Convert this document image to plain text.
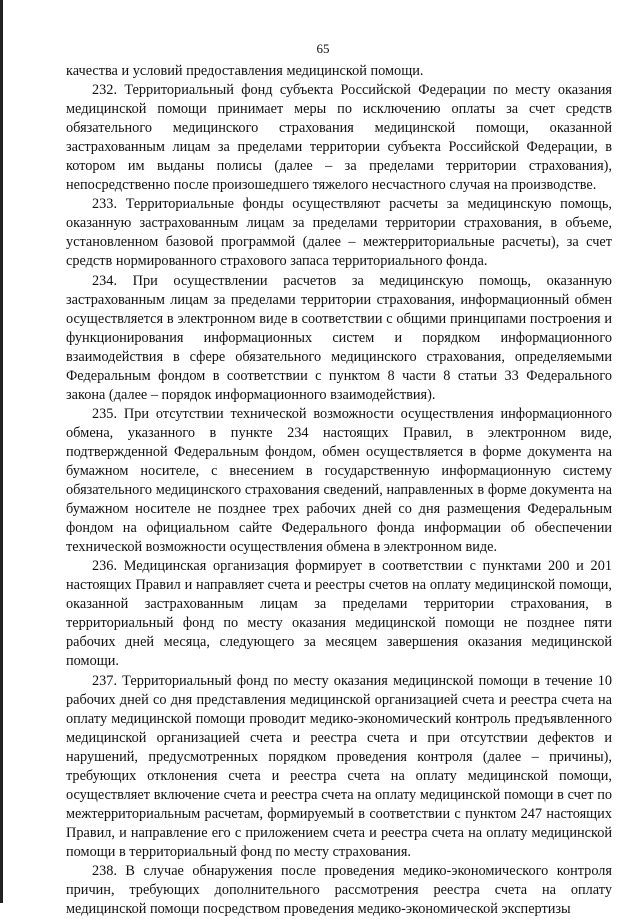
65

качества и условий предоставления медицинской помощи.

232. Территориальный фонд субъекта Российской Федерации по месту оказания медицинской помощи принимает меры по исключению оплаты за счет средств обязательного медицинского страхования медицинской помощи, оказанной застрахованным лицам за пределами территории субъекта Российской Федерации, в котором им выданы полисы (далее – за пределами территории страхования), непосредственно после произошедшего тяжелого несчастного случая на производстве.

233. Территориальные фонды осуществляют расчеты за медицинскую помощь, оказанную застрахованным лицам за пределами территории страхования, в объеме, установленном базовой программой (далее – межтерриториальные расчеты), за счет средств нормированного страхового запаса территориального фонда.

234. При осуществлении расчетов за медицинскую помощь, оказанную застрахованным лицам за пределами территории страхования, информационный обмен осуществляется в электронном виде в соответствии с общими принципами построения и функционирования информационных систем и порядком информационного взаимодействия в сфере обязательного медицинского страхования, определяемыми Федеральным фондом в соответствии с пунктом 8 части 8 статьи 33 Федерального закона (далее – порядок информационного взаимодействия).

235. При отсутствии технической возможности осуществления информационного обмена, указанного в пункте 234 настоящих Правил, в электронном виде, подтвержденной Федеральным фондом, обмен осуществляется в форме документа на бумажном носителе, с внесением в государственную информационную систему обязательного медицинского страхования сведений, направленных в форме документа на бумажном носителе не позднее трех рабочих дней со дня размещения Федеральным фондом на официальном сайте Федерального фонда информации об обеспечении технической возможности осуществления обмена в электронном виде.

236. Медицинская организация формирует в соответствии с пунктами 200 и 201 настоящих Правил и направляет счета и реестры счетов на оплату медицинской помощи, оказанной застрахованным лицам за пределами территории страхования, в территориальный фонд по месту оказания медицинской помощи не позднее пяти рабочих дней месяца, следующего за месяцем завершения оказания медицинской помощи.

237. Территориальный фонд по месту оказания медицинской помощи в течение 10 рабочих дней со дня представления медицинской организацией счета и реестра счета на оплату медицинской помощи проводит медико-экономический контроль предъявленного медицинской организацией счета и реестра счета и при отсутствии дефектов и нарушений, предусмотренных порядком проведения контроля (далее – причины), требующих отклонения счета и реестра счета на оплату медицинской помощи, осуществляет включение счета и реестра счета на оплату медицинской помощи в счет по межтерриториальным расчетам, формируемый в соответствии с пунктом 247 настоящих Правил, и направление его с приложением счета и реестра счета на оплату медицинской помощи в территориальный фонд по месту страхования.

238. В случае обнаружения после проведения медико-экономического контроля причин, требующих дополнительного рассмотрения реестра счета на оплату медицинской помощи посредством проведения медико-экономической экспертизы
